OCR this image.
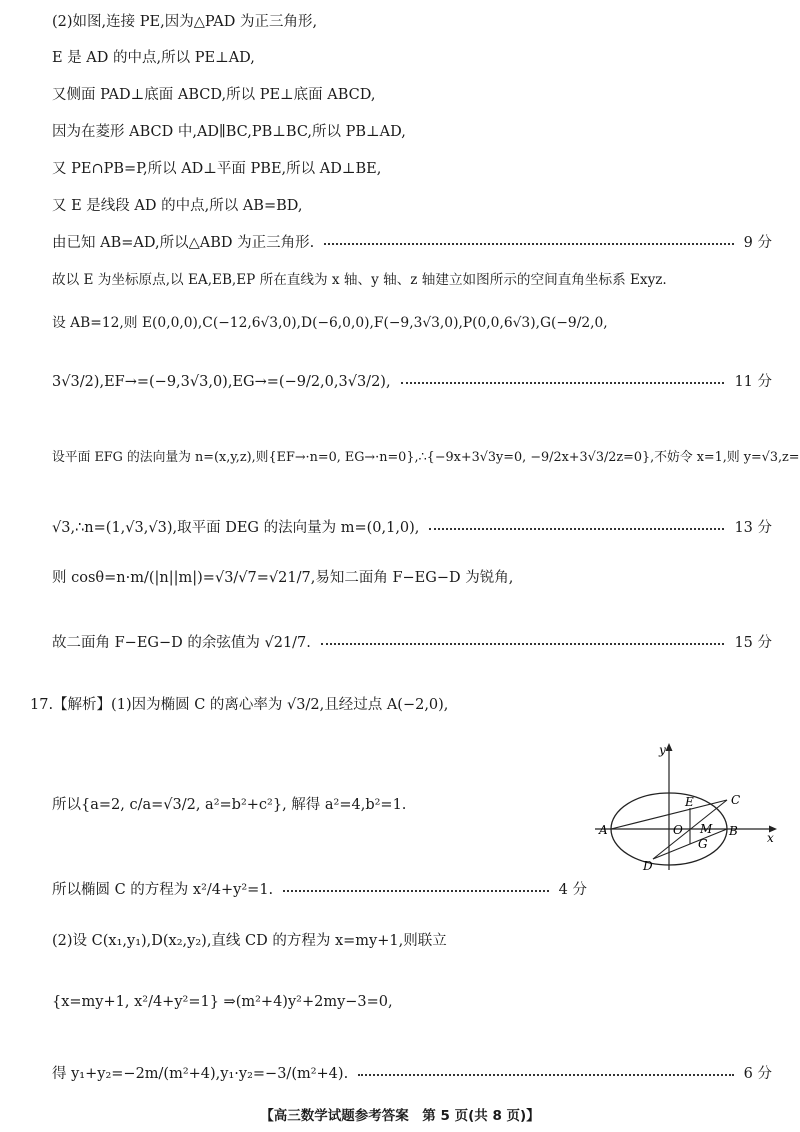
(2)如图,连接 PE,因为△PAD 为正三角形,
E 是 AD 的中点,所以 PE⊥AD,
又侧面 PAD⊥底面 ABCD,所以 PE⊥底面 ABCD,
因为在菱形 ABCD 中,AD∥BC,PB⊥BC,所以 PB⊥AD,
又 PE∩PB=P,所以 AD⊥平面 PBE,所以 AD⊥BE,
又 E 是线段 AD 的中点,所以 AB=BD,
由已知 AB=AD,所以△ABD 为正三角形.	9 分
故以 E 为坐标原点,以 EA,EB,EP 所在直线为 x 轴、y 轴、z 轴建立如图所示的空间直角坐标系 Exyz.
设 AB=12,则 E(0,0,0),C(−12,6√3,0),D(−6,0,0),F(−9,3√3,0),P(0,0,6√3),G(−9/2,0,
3√3/2),EF→=(−9,3√3,0),EG→=(−9/2,0,3√3/2),	11 分
设平面 EFG 的法向量为 n=(x,y,z),则{EF→·n=0, EG→·n=0},∴{−9x+3√3y=0, −9/2x+3√3/2z=0},不妨令 x=1,则 y=√3,z=
√3,∴n=(1,√3,√3),取平面 DEG 的法向量为 m=(0,1,0),	13 分
则 cosθ=n·m/(|n||m|)=√3/√7=√21/7,易知二面角 F−EG−D 为锐角,
故二面角 F−EG−D 的余弦值为 √21/7.	15 分
17.【解析】(1)因为椭圆 C 的离心率为 √3/2,且经过点 A(−2,0),
所以{a=2, c/a=√3/2, a²=b²+c²}, 解得 a²=4,b²=1.
所以椭圆 C 的方程为 x²/4+y²=1.	4 分
(2)设 C(x₁,y₁),D(x₂,y₂),直线 CD 的方程为 x=my+1,则联立
{x=my+1, x²/4+y²=1} ⇒(m²+4)y²+2my−3=0,
得 y₁+y₂=−2m/(m²+4),y₁·y₂=−3/(m²+4).	6 分
y
x
E	C
A	O M B
G
D
【高三数学试题参考答案　第 5 页(共 8 页)】
